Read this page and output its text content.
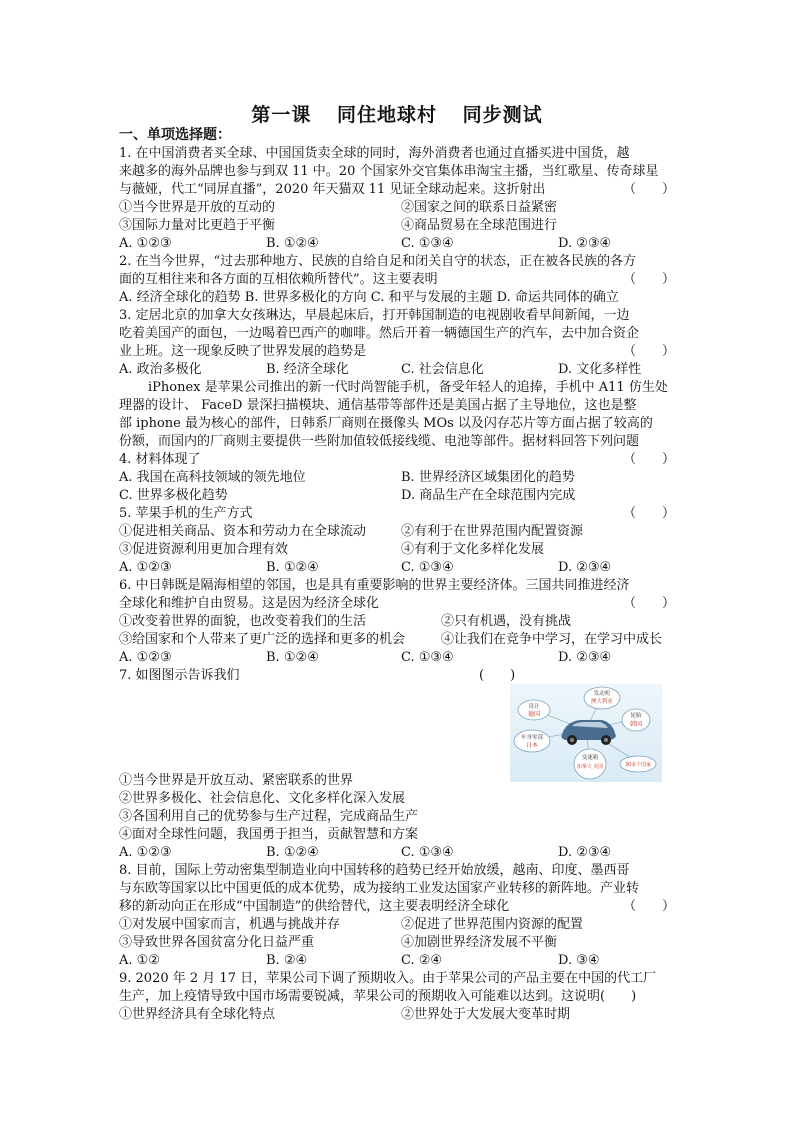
第一课 同住地球村 同步测试
一、单项选择题：
1. 在中国消费者买全球、中国国货卖全球的同时，海外消费者也通过直播买进中国货，越
来越多的海外品牌也参与到双 11 中。20 个国家外交官集体串淘宝主播，当红歌星、传奇球星
与薇娅，代工“同屏直播”，2020 年天猫双 11 见证全球动起来。这折射出	（　　）
①当今世界是开放的互动的	②国家之间的联系日益紧密
③国际力量对比更趋于平衡	④商品贸易在全球范围进行
A. ①②③	B. ①②④	C. ①③④	D. ②③④
2. 在当今世界，“过去那种地方、民族的自给自足和闭关自守的状态，正在被各民族的各方
面的互相往来和各方面的互相依赖所替代”。这主要表明	（　　）
A. 经济全球化的趋势 B. 世界多极化的方向 C. 和平与发展的主题 D. 命运共同体的确立
3. 定居北京的加拿大女孩琳达，早晨起床后，打开韩国制造的电视剧收看早间新闻，一边
吃着美国产的面包，一边喝着巴西产的咖啡。然后开着一辆德国生产的汽车，去中加合资企
业上班。这一现象反映了世界发展的趋势是	（　　）
A. 政治多极化	B. 经济全球化	C. 社会信息化	D. 文化多样性
iPhonex 是苹果公司推出的新一代时尚智能手机，备受年轻人的追捧，手机中 A11 仿生处
理器的设计、 FaceD 景深扫描模块、通信基带等部件还是美国占据了主导地位，这也是整
部 iphone 最为核心的部件，日韩系厂商则在摄像头 MOs 以及闪存芯片等方面占据了较高的
份额，而国内的厂商则主要提供一些附加值较低接线缆、电池等部件。据材料回答下列问题
4. 材料体现了	（　　）
A. 我国在高科技领域的领先地位	B. 世界经济区域集团化的趋势
C. 世界多极化趋势	D. 商品生产在全球范围内完成
5. 苹果手机的生产方式	（　　）
①促进相关商品、资本和劳动力在全球流动	②有利于在世界范围内配置资源
③促进资源利用更加合理有效	④有利于文化多样化发展
A. ①②③	B. ①②④	C. ①③④	D. ②③④
6. 中日韩既是隔海相望的邻国，也是具有重要影响的世界主要经济体。三国共同推进经济
全球化和维护自由贸易。这是因为经济全球化	（　　）
①改变着世界的面貌，也改变着我们的生活	②只有机遇，没有挑战
③给国家和个人带来了更广泛的选择和更多的机会	④让我们在竞争中学习，在学习中成长
A. ①②③	B. ①②④	C. ①③④	D. ②③④
7. 如图图示告诉我们	(　　)
设计
德国
发动机
澳大利亚
轮胎
韩国
车身零部
日本
变速箱
加拿大 美国	30多个国家
①当今世界是开放互动、紧密联系的世界
②世界多极化、社会信息化、文化多样化深入发展
③各国利用自己的优势参与生产过程，完成商品生产
④面对全球性问题，我国勇于担当，贡献智慧和方案
A. ①②③	B. ①②④	C. ①③④	D. ②③④
8. 目前，国际上劳动密集型制造业向中国转移的趋势已经开始放缓，越南、印度、墨西哥
与东欧等国家以比中国更低的成本优势，成为接纳工业发达国家产业转移的新阵地。产业转
移的新动向正在形成“中国制造”的供给替代，这主要表明经济全球化	（　　）
①对发展中国家而言，机遇与挑战并存	②促进了世界范围内资源的配置
③导致世界各国贫富分化日益严重	④加剧世界经济发展不平衡
A. ①②	B. ②④	C. ②④	D. ③④
9. 2020 年 2 月 17 日，苹果公司下调了预期收入。由于苹果公司的产品主要在中国的代工厂
生产，加上疫情导致中国市场需要锐减，苹果公司的预期收入可能难以达到。这说明(　　)
①世界经济具有全球化特点	②世界处于大发展大变革时期
